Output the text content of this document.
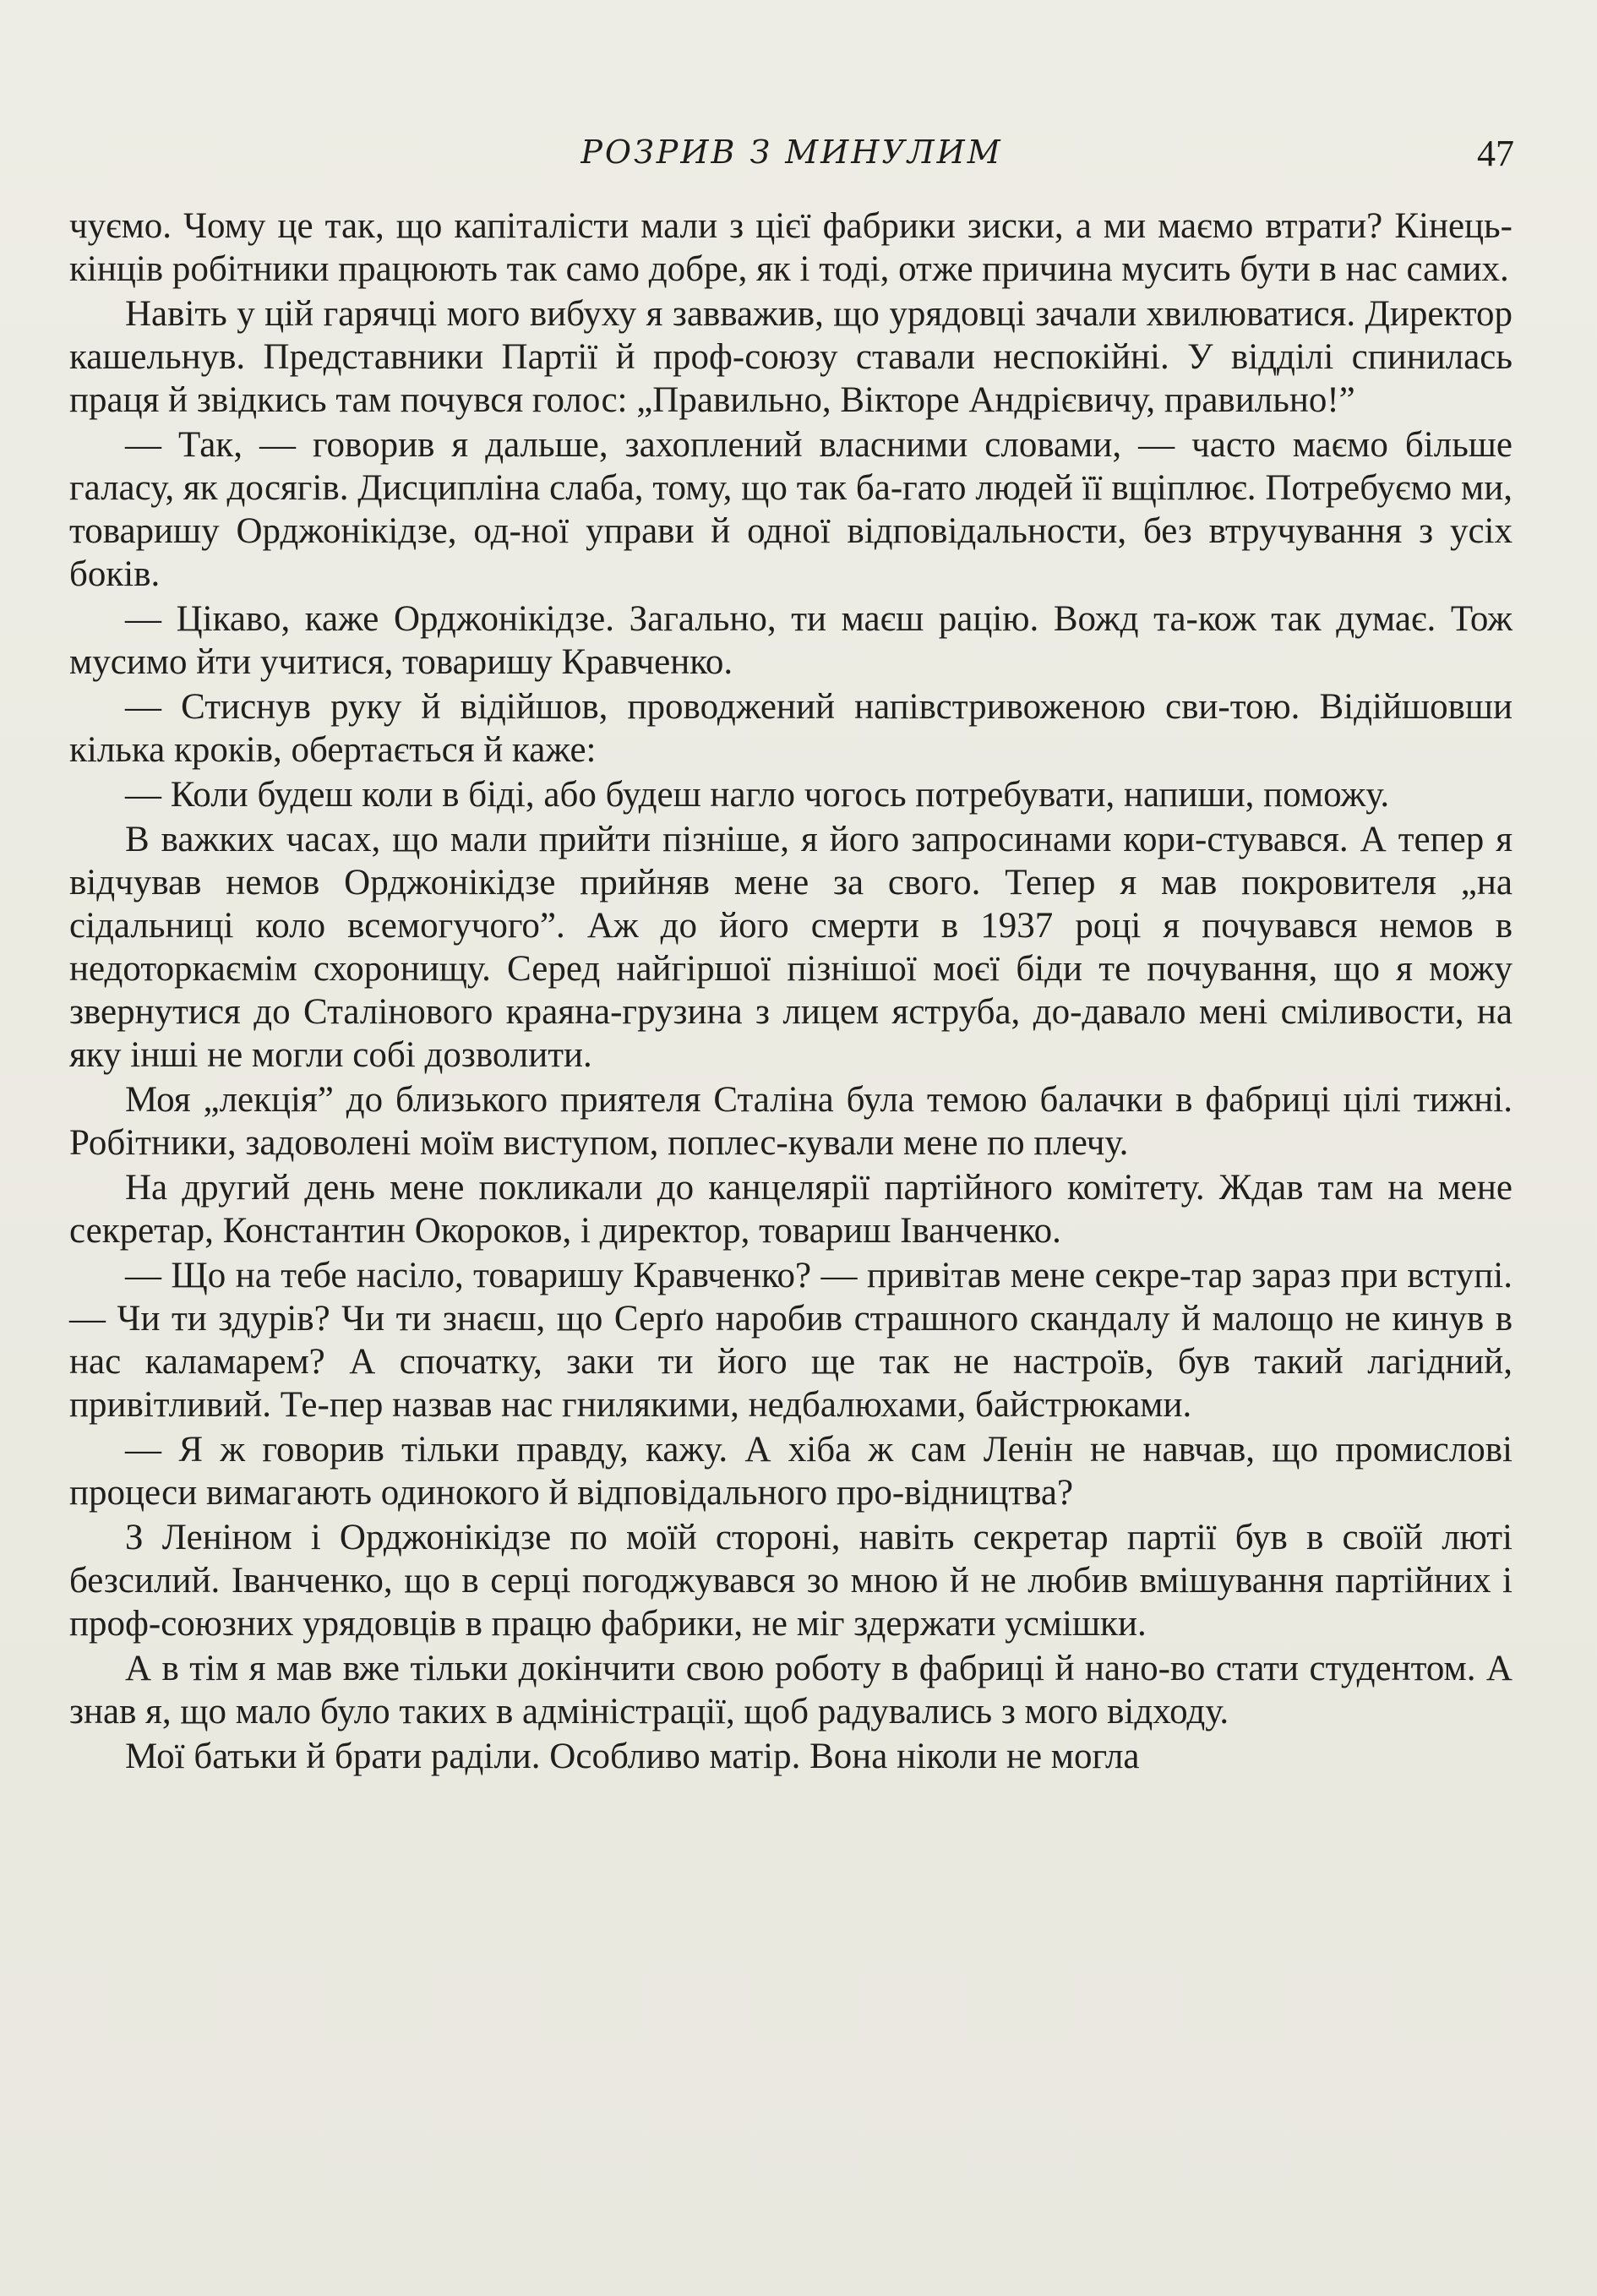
РОЗРИВ З МИНУЛИМ	47

чуємо. Чому це так, що капіталісти мали з цієї фабрики зиски, а ми маємо втрати? Кінець-кінців робітники працюють так само добре, як і тоді, отже причина мусить бути в нас самих.

Навіть у цій гарячці мого вибуху я завважив, що урядовці зачали хвилюватися. Директор кашельнув. Представники Партії й проф-союзу ставали неспокійні. У відділі спинилась праця й звідкись там почувся голос: „Правильно, Вікторе Андрієвичу, правильно!”

— Так, — говорив я дальше, захоплений власними словами, — часто маємо більше галасу, як досягів. Дисципліна слаба, тому, що так ба-гато людей її вщіплює. Потребуємо ми, товаришу Орджонікідзе, од-ної управи й одної відповідальности, без втручування з усіх боків.

— Цікаво, каже Орджонікідзе. Загально, ти маєш рацію. Вожд та-кож так думає. Тож мусимо йти учитися, товаришу Кравченко.

— Стиснув руку й відійшов, проводжений напівстривоженою сви-тою. Відійшовши кілька кроків, обертається й каже:

— Коли будеш коли в біді, або будеш нагло чогось потребувати, напиши, поможу.

В важких часах, що мали прийти пізніше, я його запросинами кори-стувався. А тепер я відчував немов Орджонікідзе прийняв мене за свого. Тепер я мав покровителя „на сідальниці коло всемогучого”. Аж до його смерти в 1937 році я почувався немов в недоторкаємім схоронищу. Серед найгіршої пізнішої моєї біди те почування, що я можу звернутися до Сталінового краяна-грузина з лицем яструба, до-давало мені сміливости, на яку інші не могли собі дозволити.

Моя „лекція” до близького приятеля Сталіна була темою балачки в фабриці цілі тижні. Робітники, задоволені моїм виступом, поплес-кували мене по плечу.

На другий день мене покликали до канцелярії партійного комітету. Ждав там на мене секретар, Константин Окороков, і директор, товариш Іванченко.

— Що на тебе насіло, товаришу Кравченко? — привітав мене секре-тар зараз при вступі. — Чи ти здурів? Чи ти знаєш, що Серґо наробив страшного скандалу й малощо не кинув в нас каламарем? А спочатку, заки ти його ще так не настроїв, був такий лагідний, привітливий. Те-пер назвав нас гнилякими, недбалюхами, байстрюками.

— Я ж говорив тільки правду, кажу. А хіба ж сам Ленін не навчав, що промислові процеси вимагають одинокого й відповідального про-відництва?

З Леніном і Орджонікідзе по моїй стороні, навіть секретар партії був в своїй люті безсилий. Іванченко, що в серці погоджувався зо мною й не любив вмішування партійних і проф-союзних урядовців в працю фабрики, не міг здержати усмішки.

А в тім я мав вже тільки докінчити свою роботу в фабриці й нано-во стати студентом. А знав я, що мало було таких в адміністрації, щоб радувались з мого відходу.

Мої батьки й брати раділи. Особливо матір. Вона ніколи не могла
